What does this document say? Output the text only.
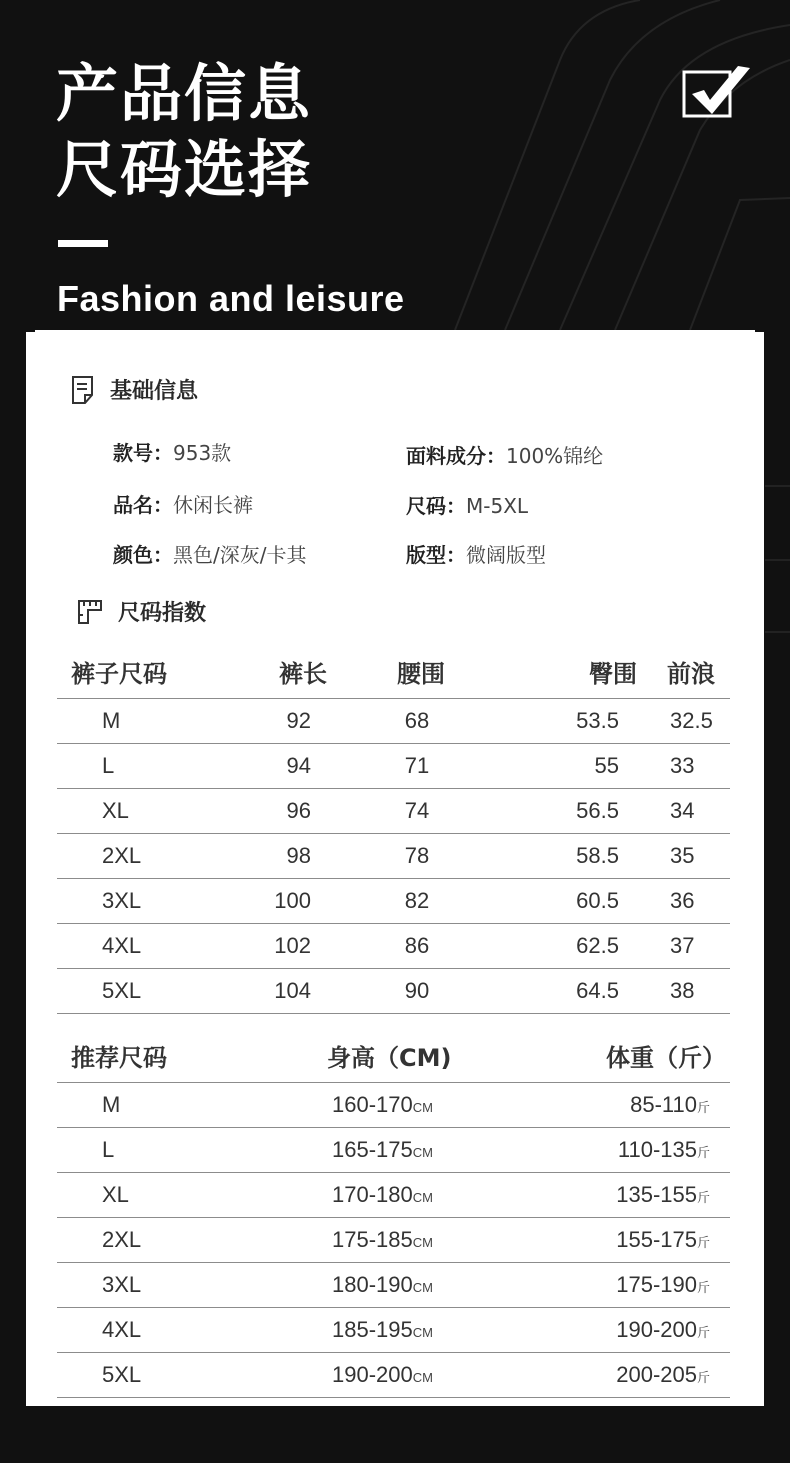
产品信息
尺码选择
Fashion and leisure
基础信息
款号：953款	面料成分：100%锦纶
品名：休闲长裤	尺码：M-5XL
颜色：黑色/深灰/卡其	版型：微阔版型
尺码指数
裤子尺码	裤长	腰围	臀围	前浪
M	92	68	53.5	32.5
L	94	71	55	33
XL	96	74	56.5	34
2XL	98	78	58.5	35
3XL	100	82	60.5	36
4XL	102	86	62.5	37
5XL	104	90	64.5	38
推荐尺码	身高（CM)	体重（斤）
M	160-170CM	85-110斤
L	165-175CM	110-135斤
XL	170-180CM	135-155斤
2XL	175-185CM	155-175斤
3XL	180-190CM	175-190斤
4XL	185-195CM	190-200斤
5XL	190-200CM	200-205斤
